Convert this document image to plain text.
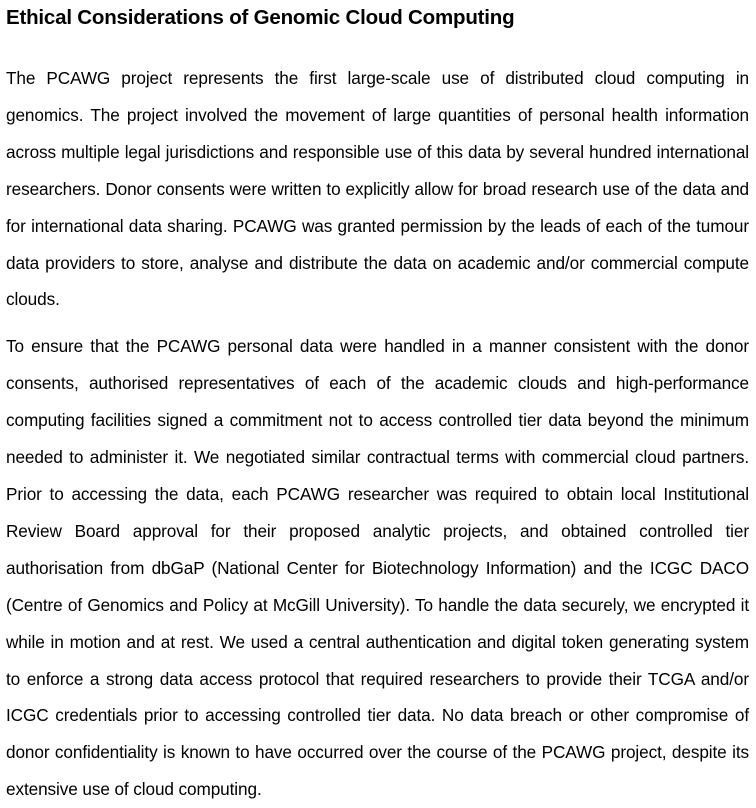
Ethical Considerations of Genomic Cloud Computing

The PCAWG project represents the first large-scale use of distributed cloud computing in genomics. The project involved the movement of large quantities of personal health information across multiple legal jurisdictions and responsible use of this data by several hundred international researchers. Donor consents were written to explicitly allow for broad research use of the data and for international data sharing. PCAWG was granted permission by the leads of each of the tumour data providers to store, analyse and distribute the data on academic and/or commercial compute clouds.

To ensure that the PCAWG personal data were handled in a manner consistent with the donor consents, authorised representatives of each of the academic clouds and high-performance computing facilities signed a commitment not to access controlled tier data beyond the minimum needed to administer it. We negotiated similar contractual terms with commercial cloud partners. Prior to accessing the data, each PCAWG researcher was required to obtain local Institutional Review Board approval for their proposed analytic projects, and obtained controlled tier authorisation from dbGaP (National Center for Biotechnology Information) and the ICGC DACO (Centre of Genomics and Policy at McGill University). To handle the data securely, we encrypted it while in motion and at rest. We used a central authentication and digital token generating system to enforce a strong data access protocol that required researchers to provide their TCGA and/or ICGC credentials prior to accessing controlled tier data. No data breach or other compromise of donor confidentiality is known to have occurred over the course of the PCAWG project, despite its extensive use of cloud computing.
